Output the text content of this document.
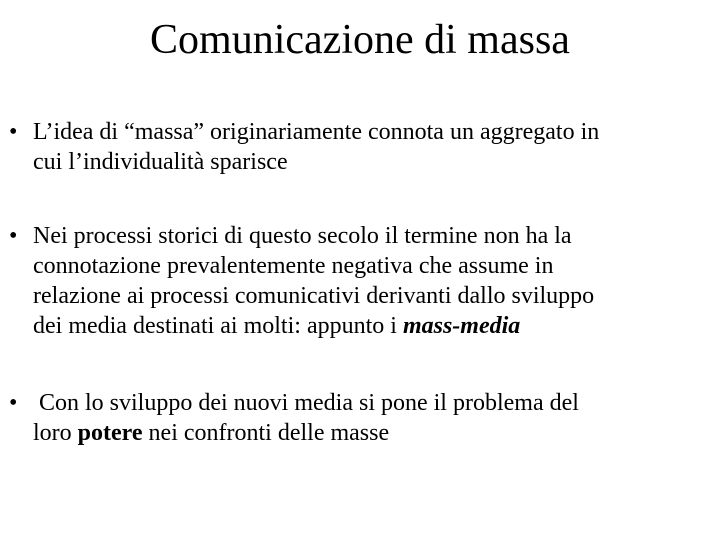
Comunicazione di massa
• L’idea di “massa” originariamente connota un aggregato in
cui l’individualità sparisce
• Nei processi storici di questo secolo il termine non ha la
connotazione prevalentemente negativa che assume in
relazione ai processi comunicativi derivanti dallo sviluppo
dei media destinati ai molti: appunto i mass-media
• Con lo sviluppo dei nuovi media si pone il problema del
loro potere nei confronti delle masse
